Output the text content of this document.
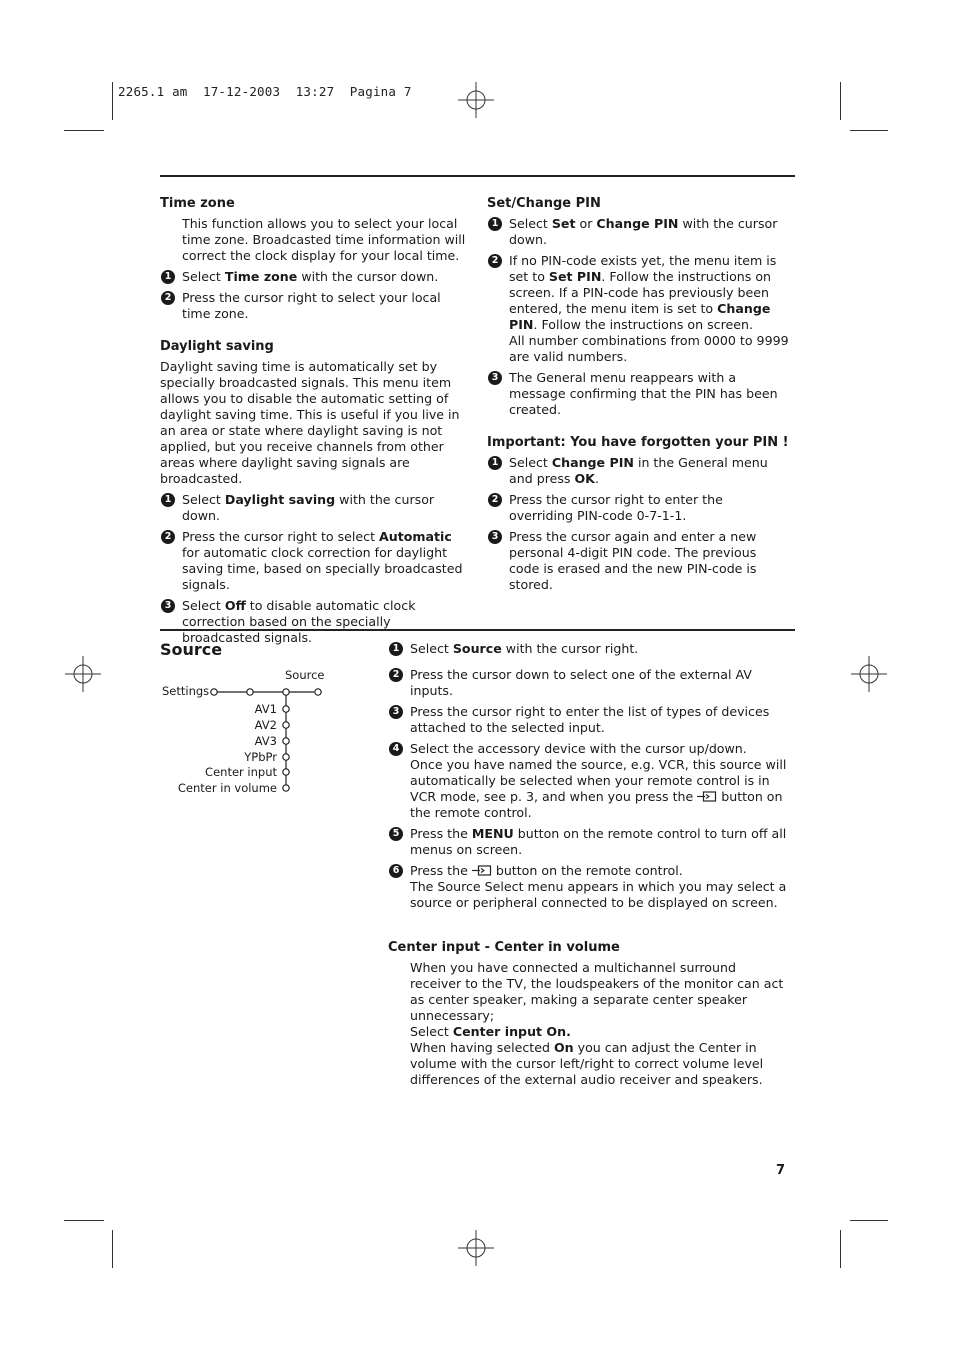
2265.1 am  17-12-2003  13:27  Pagina 7
Time zone
This function allows you to select your local time zone. Broadcasted time information will correct the clock display for your local time.
1 Select Time zone with the cursor down.
2 Press the cursor right to select your local time zone.
Daylight saving
Daylight saving time is automatically set by specially broadcasted signals. This menu item allows you to disable the automatic setting of daylight saving time. This is useful if you live in an area or state where daylight saving is not applied, but you receive channels from other areas where daylight saving signals are broadcasted.
1 Select Daylight saving with the cursor down.
2 Press the cursor right to select Automatic for automatic clock correction for daylight saving time, based on specially broadcasted signals.
3 Select Off to disable automatic clock correction based on the specially broadcasted signals.
Set/Change PIN
1 Select Set or Change PIN with the cursor down.
2 If no PIN-code exists yet, the menu item is set to Set PIN. Follow the instructions on screen. If a PIN-code has previously been entered, the menu item is set to Change PIN. Follow the instructions on screen.
All number combinations from 0000 to 9999 are valid numbers.
3 The General menu reappears with a message confirming that the PIN has been created.
Important: You have forgotten your PIN !
1 Select Change PIN in the General menu and press OK.
2 Press the cursor right to enter the overriding PIN-code 0-7-1-1.
3 Press the cursor again and enter a new personal 4-digit PIN code. The previous code is erased and the new PIN-code is stored.
Source
Source
Settings
AV1
AV2
AV3
YPbPr
Center input
Center in volume
1 Select Source with the cursor right.
2 Press the cursor down to select one of the external AV inputs.
3 Press the cursor right to enter the list of types of devices attached to the selected input.
4 Select the accessory device with the cursor up/down.
Once you have named the source, e.g. VCR, this source will automatically be selected when your remote control is in VCR mode, see p. 3, and when you press the  button on the remote control.
5 Press the MENU button on the remote control to turn off all menus on screen.
6 Press the  button on the remote control.
The Source Select menu appears in which you may select a source or peripheral connected to be displayed on screen.
Center input - Center in volume
When you have connected a multichannel surround receiver to the TV, the loudspeakers of the monitor can act as center speaker, making a separate center speaker unnecessary;
Select Center input On.
When having selected On you can adjust the Center in volume with the cursor left/right to correct volume level differences of the external audio receiver and speakers.
7
